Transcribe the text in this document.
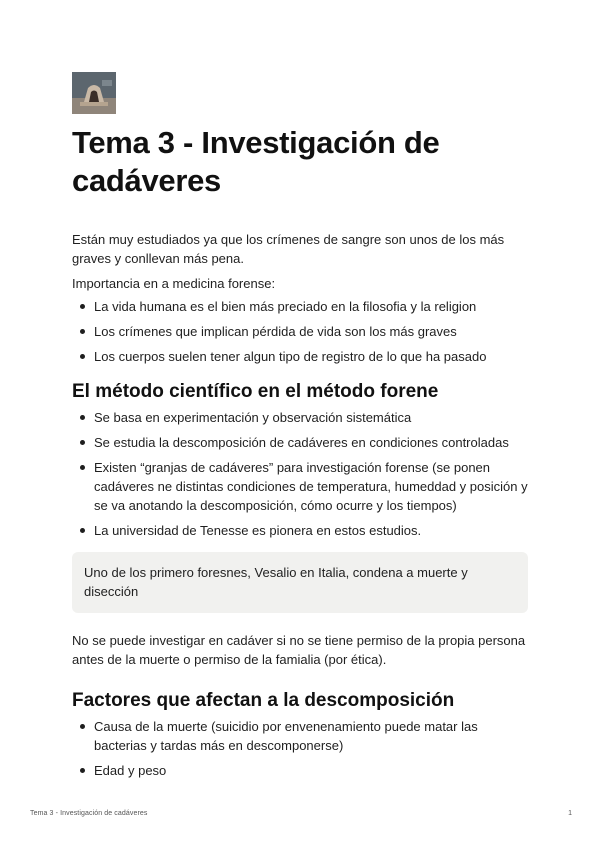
Tema 3 - Investigación de cadáveres

Están muy estudiados ya que los crímenes de sangre son unos de los más graves y conllevan más pena.

Importancia en a medicina forense:

La vida humana es el bien más preciado en la filosofia y la religion
Los crímenes que implican pérdida de vida son los más graves
Los cuerpos suelen tener algun tipo de registro de lo que ha pasado
El método científico en el método forene
Se basa en experimentación y observación sistemática
Se estudia la descomposición de cadáveres en condiciones controladas
Existen “granjas de cadáveres” para investigación forense (se ponen cadáveres ne distintas condiciones de temperatura, humeddad y posición y se va anotando la descomposición, cómo ocurre y los tiempos)
La universidad de Tenesse es pionera en estos estudios.

Uno de los primero foresnes, Vesalio en Italia, condena a muerte y disección

No se puede investigar en cadáver si no se tiene permiso de la propia persona antes de la muerte o permiso de la famialia (por ética).

Factores que afectan a la descomposición
Causa de la muerte (suicidio por envenenamiento puede matar las bacterias y tardas más en descomponerse)
Edad y peso
Tema 3 - Investigación de cadáveres	1
